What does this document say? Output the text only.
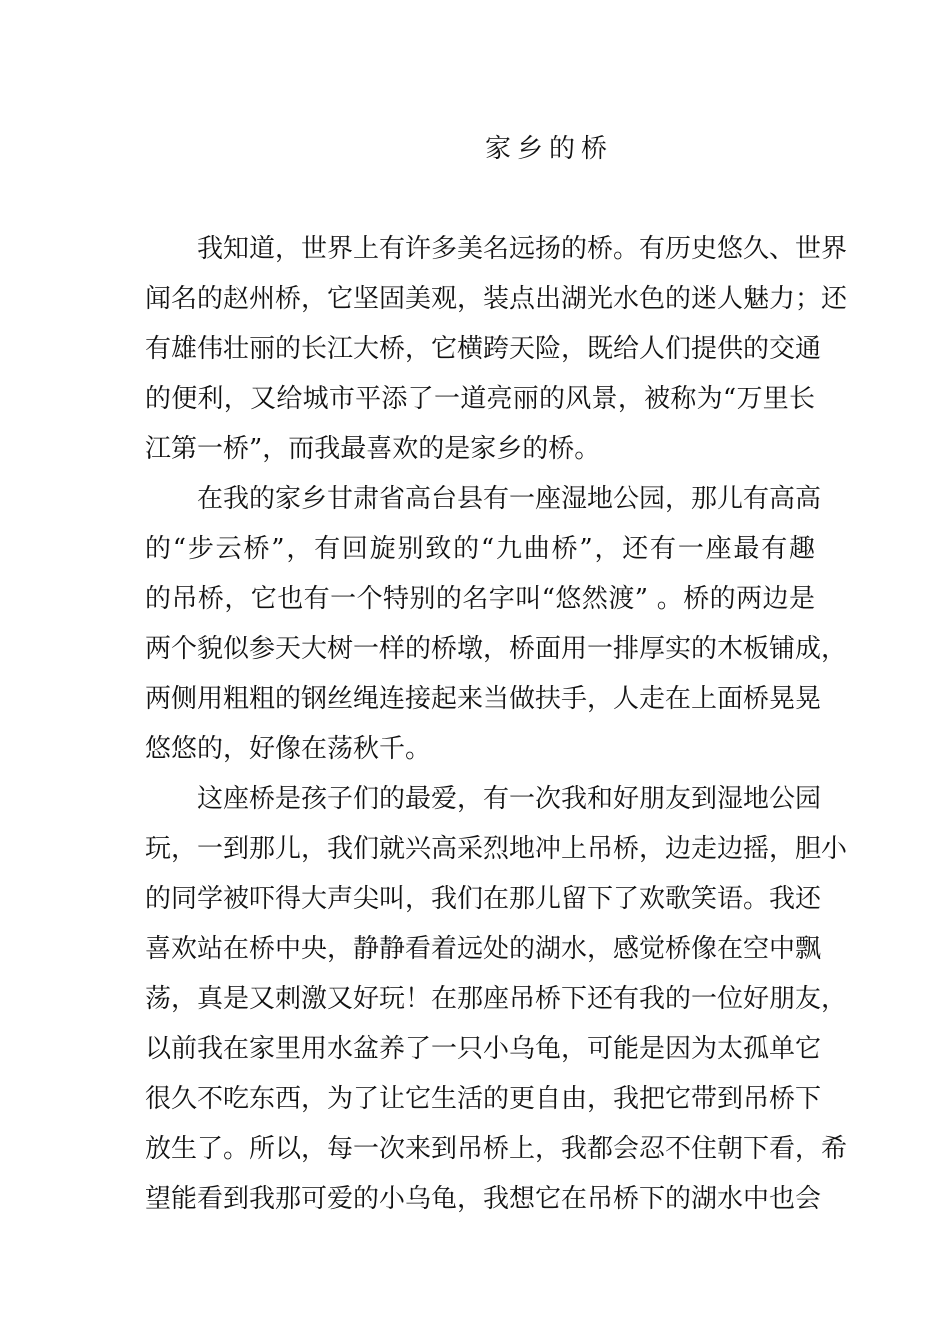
家乡的桥
我知道，世界上有许多美名远扬的桥。有历史悠久、世界
闻名的赵州桥，它坚固美观，装点出湖光水色的迷人魅力；还
有雄伟壮丽的长江大桥，它横跨天险，既给人们提供的交通
的便利，又给城市平添了一道亮丽的风景，被称为“万里长
江第一桥”，而我最喜欢的是家乡的桥。
在我的家乡甘肃省高台县有一座湿地公园，那儿有高高
的“步云桥”，有回旋别致的“九曲桥”，还有一座最有趣
的吊桥，它也有一个特别的名字叫“悠然渡” 。桥的两边是
两个貌似参天大树一样的桥墩，桥面用一排厚实的木板铺成，
两侧用粗粗的钢丝绳连接起来当做扶手，人走在上面桥晃晃
悠悠的，好像在荡秋千。
这座桥是孩子们的最爱，有一次我和好朋友到湿地公园
玩，一到那儿，我们就兴高采烈地冲上吊桥，边走边摇，胆小
的同学被吓得大声尖叫，我们在那儿留下了欢歌笑语。我还
喜欢站在桥中央，静静看着远处的湖水，感觉桥像在空中飘
荡，真是又刺激又好玩！在那座吊桥下还有我的一位好朋友，
以前我在家里用水盆养了一只小乌龟，可能是因为太孤单它
很久不吃东西，为了让它生活的更自由，我把它带到吊桥下
放生了。所以，每一次来到吊桥上，我都会忍不住朝下看，希
望能看到我那可爱的小乌龟，我想它在吊桥下的湖水中也会
